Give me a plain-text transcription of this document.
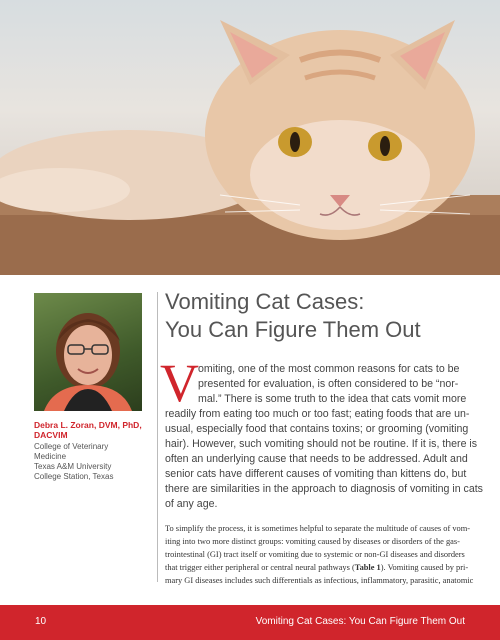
Debra L. Zoran, DVM, PhD,
DACVIM
College of Veterinary
Medicine
Texas A&M University
College Station, Texas
Vomiting Cat Cases:
You Can Figure Them Out
V omiting, one of the most common reasons for cats to be
presented for evaluation, is often considered to be “nor-
mal.” There is some truth to the idea that cats vomit more
readily from eating too much or too fast; eating foods that are un-
usual, especially food that contains toxins; or grooming (vomiting
hair). However, such vomiting should not be routine. If it is, there is
often an underlying cause that needs to be addressed. Adult and
senior cats have different causes of vomiting than kittens do, but
there are similarities in the approach to diagnosis of vomiting in cats
of any age.
To simplify the process, it is sometimes helpful to separate the multitude of causes of vom-
iting into two more distinct groups: vomiting caused by diseases or disorders of the gas-
trointestinal (GI) tract itself or vomiting due to systemic or non-GI diseases and disorders
that trigger either peripheral or central neural pathways (Table 1). Vomiting caused by pri-
mary GI diseases includes such differentials as infectious, inflammatory, parasitic, anatomic
10	Vomiting Cat Cases: You Can Figure Them Out
